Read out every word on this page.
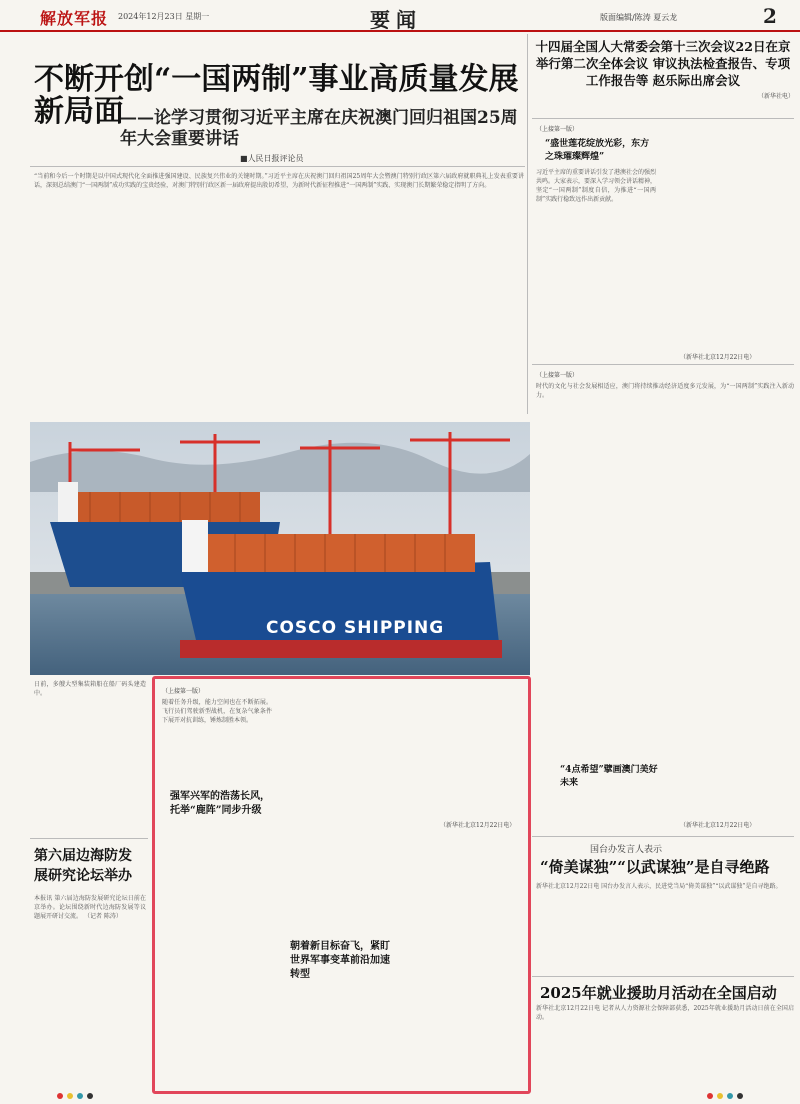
解放军报 2024年12月23日 星期一	要闻	版面编辑/陈涛 夏云龙	2
不断开创“一国两制”事业高质量发展新局面
——论学习贯彻习近平主席在庆祝澳门回归祖国25周年大会重要讲话
■人民日报评论员
“当前和今后一个时期是以中国式现代化全面推进强国建设、民族复兴伟业的关键时期。”习近平主席在庆祝澳门回归祖国25周年大会暨澳门特别行政区第六届政府就职典礼上发表重要讲话，深刻总结澳门“一国两制”成功实践的宝贵经验，对澳门特别行政区新一届政府提出殷切希望，为新时代新征程推进“一国两制”实践、实现澳门长期繁荣稳定指明了方向。
十四届全国人大常委会第十三次会议22日在京举行第二次全体会议 审议执法检查报告、专项工作报告等 赵乐际出席会议
（新华社电）
（上接第一版）
“盛世莲花绽放光彩，东方之珠璀璨辉煌”
习近平主席的重要讲话引发了港澳社会的强烈共鸣。大家表示，要深入学习领会讲话精神，坚定“一国两制”制度自信，为推进“一国两制”实践行稳致远作出新贡献。
（新华社北京12月22日电）
（上接第一版）
时代的文化与社会发展相适应，澳门将持续推动经济适度多元发展，为“一国两制”实践注入新动力。
“4点希望”擘画澳门美好未来
（新华社北京12月22日电）
COSCO SHIPPING
日前，多艘大型集装箱船在船厂码头建造中。
第六届边海防发展研究论坛举办
本报讯 第六届边海防发展研究论坛日前在京举办。论坛围绕新时代边海防发展等议题展开研讨交流。 （记者 陈涛）
（上接第一版）
随着任务升级，能力空间也在不断拓展。飞行员们驾驶新型战机，在复杂气象条件下展开对抗训练，锤炼制胜本领。
强军兴军的浩荡长风，托举“鹿阵”同步升级
朝着新目标奋飞，紧盯世界军事变革前沿加速转型
（新华社北京12月22日电）
国台办发言人表示
“倚美谋独”“以武谋独”是自寻绝路
新华社北京12月22日电 国台办发言人表示，民进党当局“倚美谋独”“以武谋独”是自寻绝路。
2025年就业援助月活动在全国启动
新华社北京12月22日电 记者从人力资源社会保障部获悉，2025年就业援助月活动日前在全国启动。
